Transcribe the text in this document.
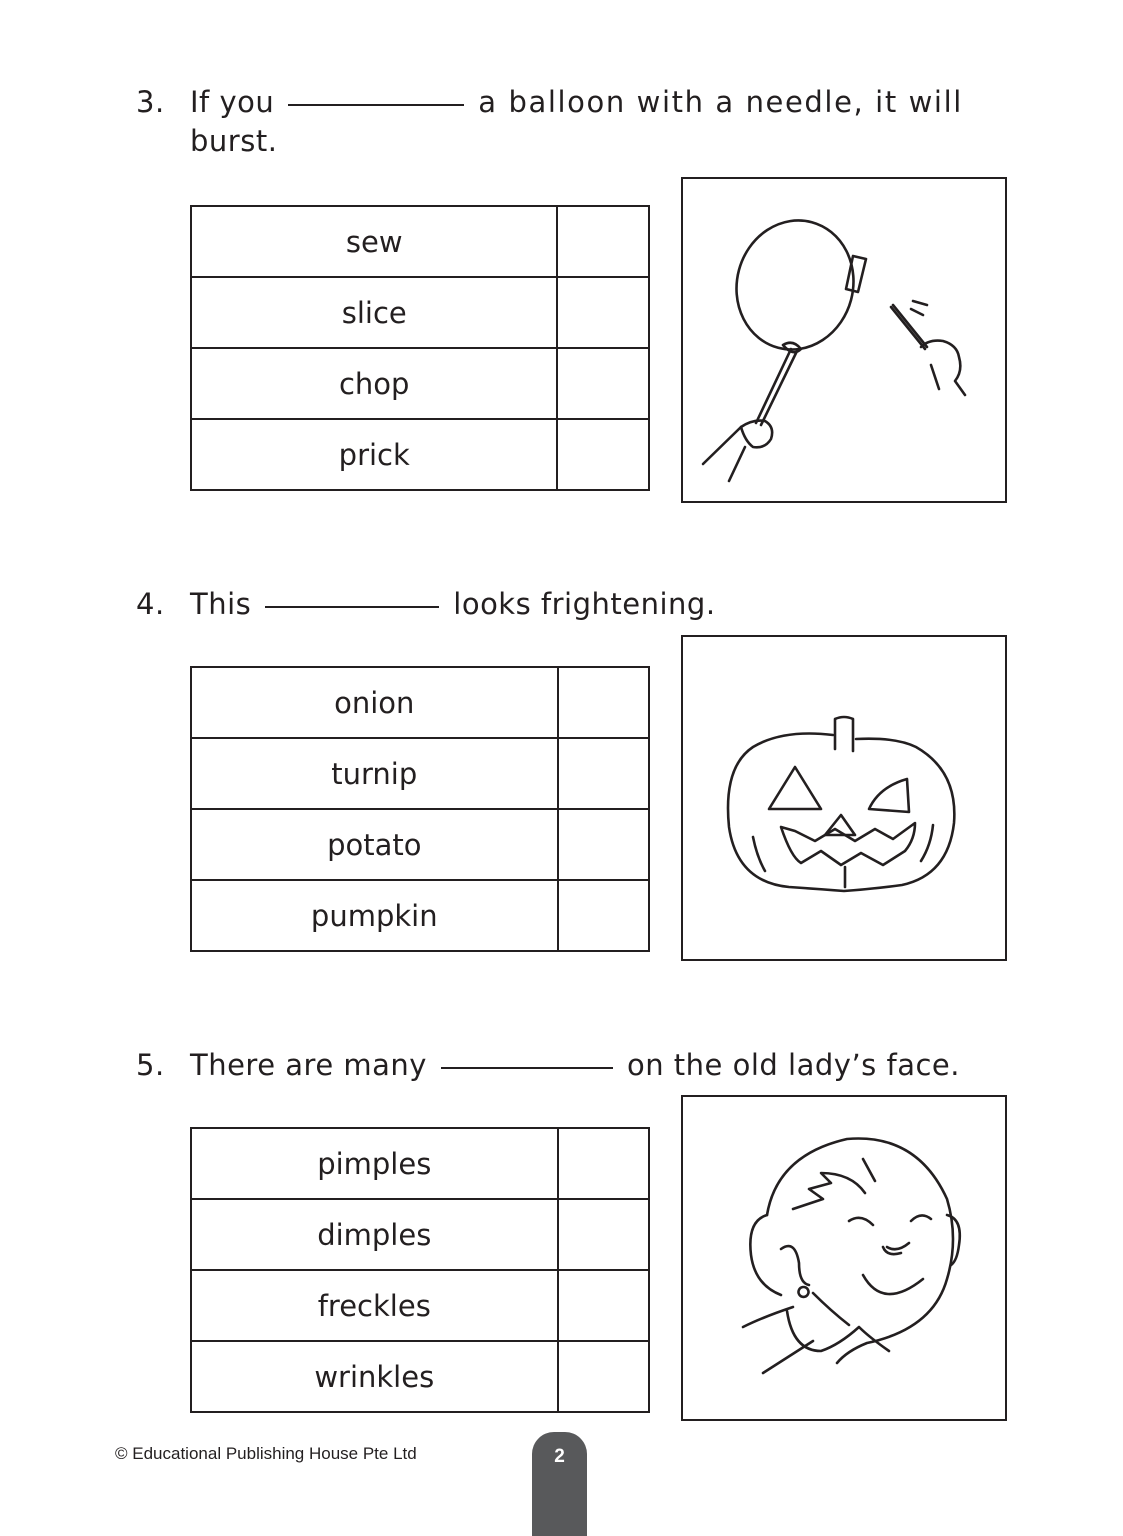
3. If you	a balloon with a needle, it will
burst.
sew	
slice	
chop	
prick	
4. This	looks frightening.
onion	
turnip	
potato	
pumpkin	
5. There are many	on the old lady’s face.
pimples	
dimples	
freckles	
wrinkles	
© Educational Publishing House Pte Ltd	2
